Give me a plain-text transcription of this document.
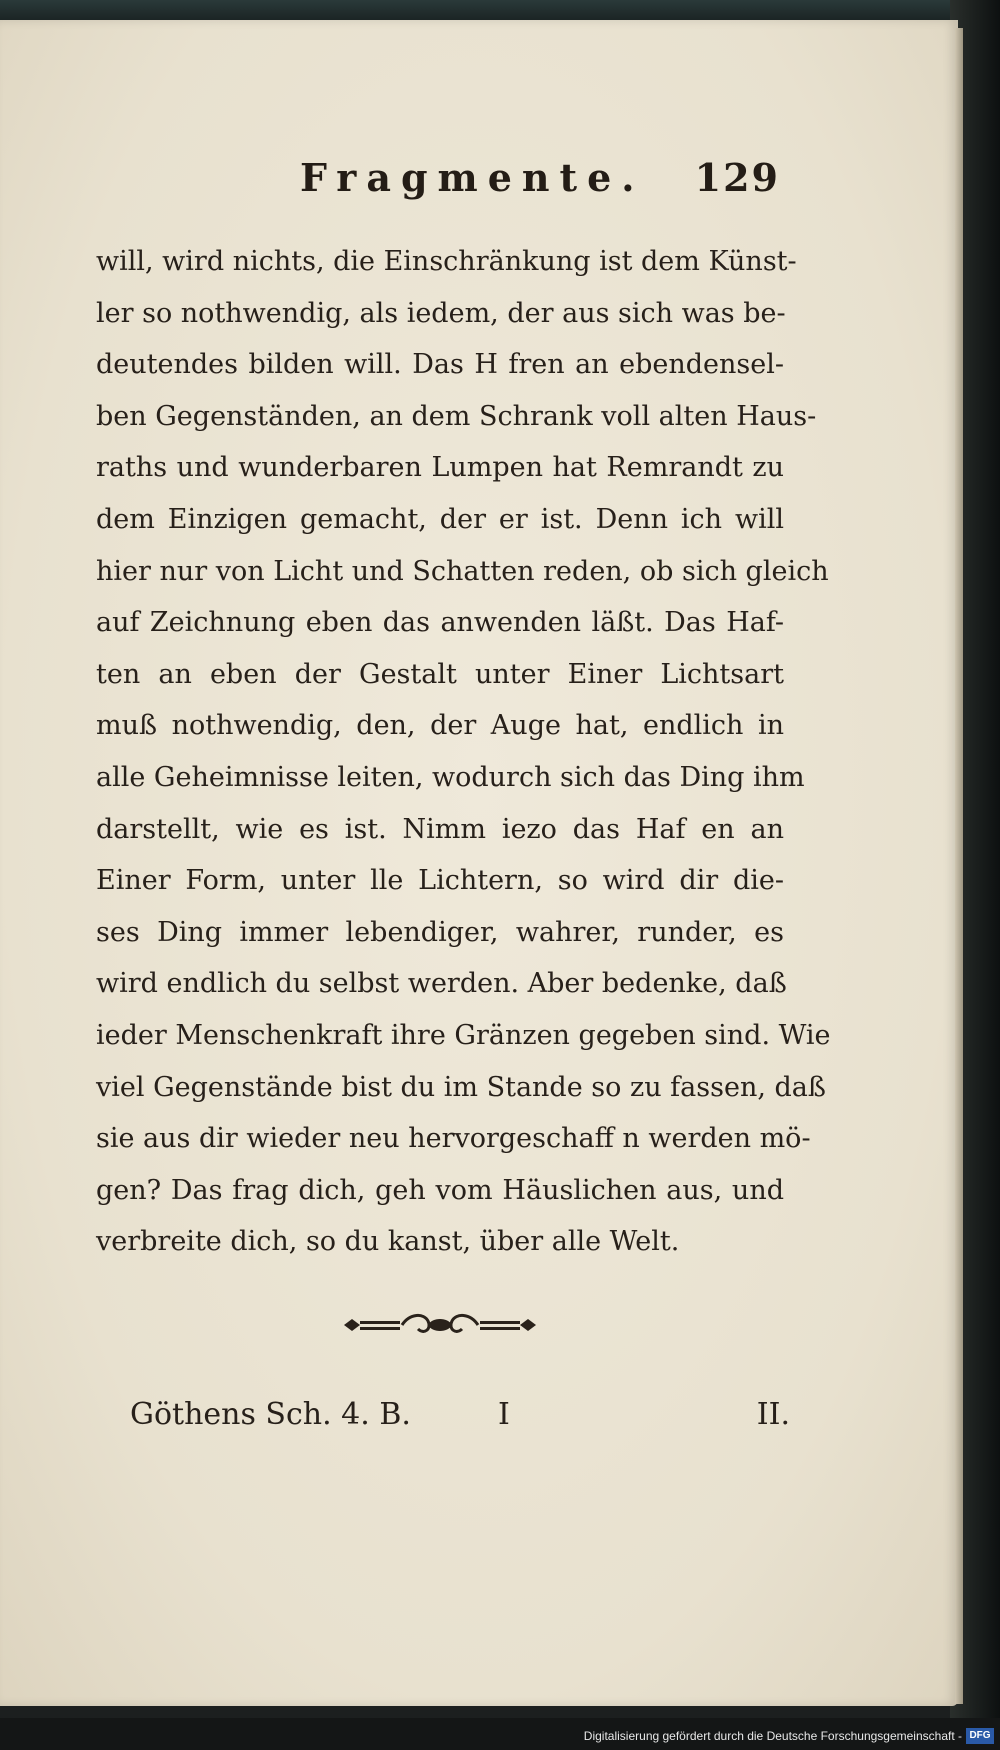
Fragmente. 129
will, wird nichts, die Einschränkung ist dem Künst-
ler so nothwendig, als iedem, der aus sich was be-
deutendes bilden will. Das H fren an ebendensel-
ben Gegenständen, an dem Schrank voll alten Haus-
raths und wunderbaren Lumpen hat Remrandt zu
dem Einzigen gemacht, der er ist. Denn ich will
hier nur von Licht und Schatten reden, ob sich gleich
auf Zeichnung eben das anwenden läßt. Das Haf-
ten an eben der Gestalt unter Einer Lichtsart
muß nothwendig, den, der Auge hat, endlich in
alle Geheimnisse leiten, wodurch sich das Ding ihm
darstellt, wie es ist. Nimm iezo das Haf en an
Einer Form, unter lle Lichtern, so wird dir die-
ses Ding immer lebendiger, wahrer, runder, es
wird endlich du selbst werden. Aber bedenke, daß
ieder Menschenkraft ihre Gränzen gegeben sind. Wie
viel Gegenstände bist du im Stande so zu fassen, daß
sie aus dir wieder neu hervorgeschaff n werden mö-
gen? Das frag dich, geh vom Häuslichen aus, und
verbreite dich, so du kanst, über alle Welt.
Göthens Sch. 4. B.	I	II.
Digitalisierung gefördert durch die Deutsche Forschungsgemeinschaft - DFG
